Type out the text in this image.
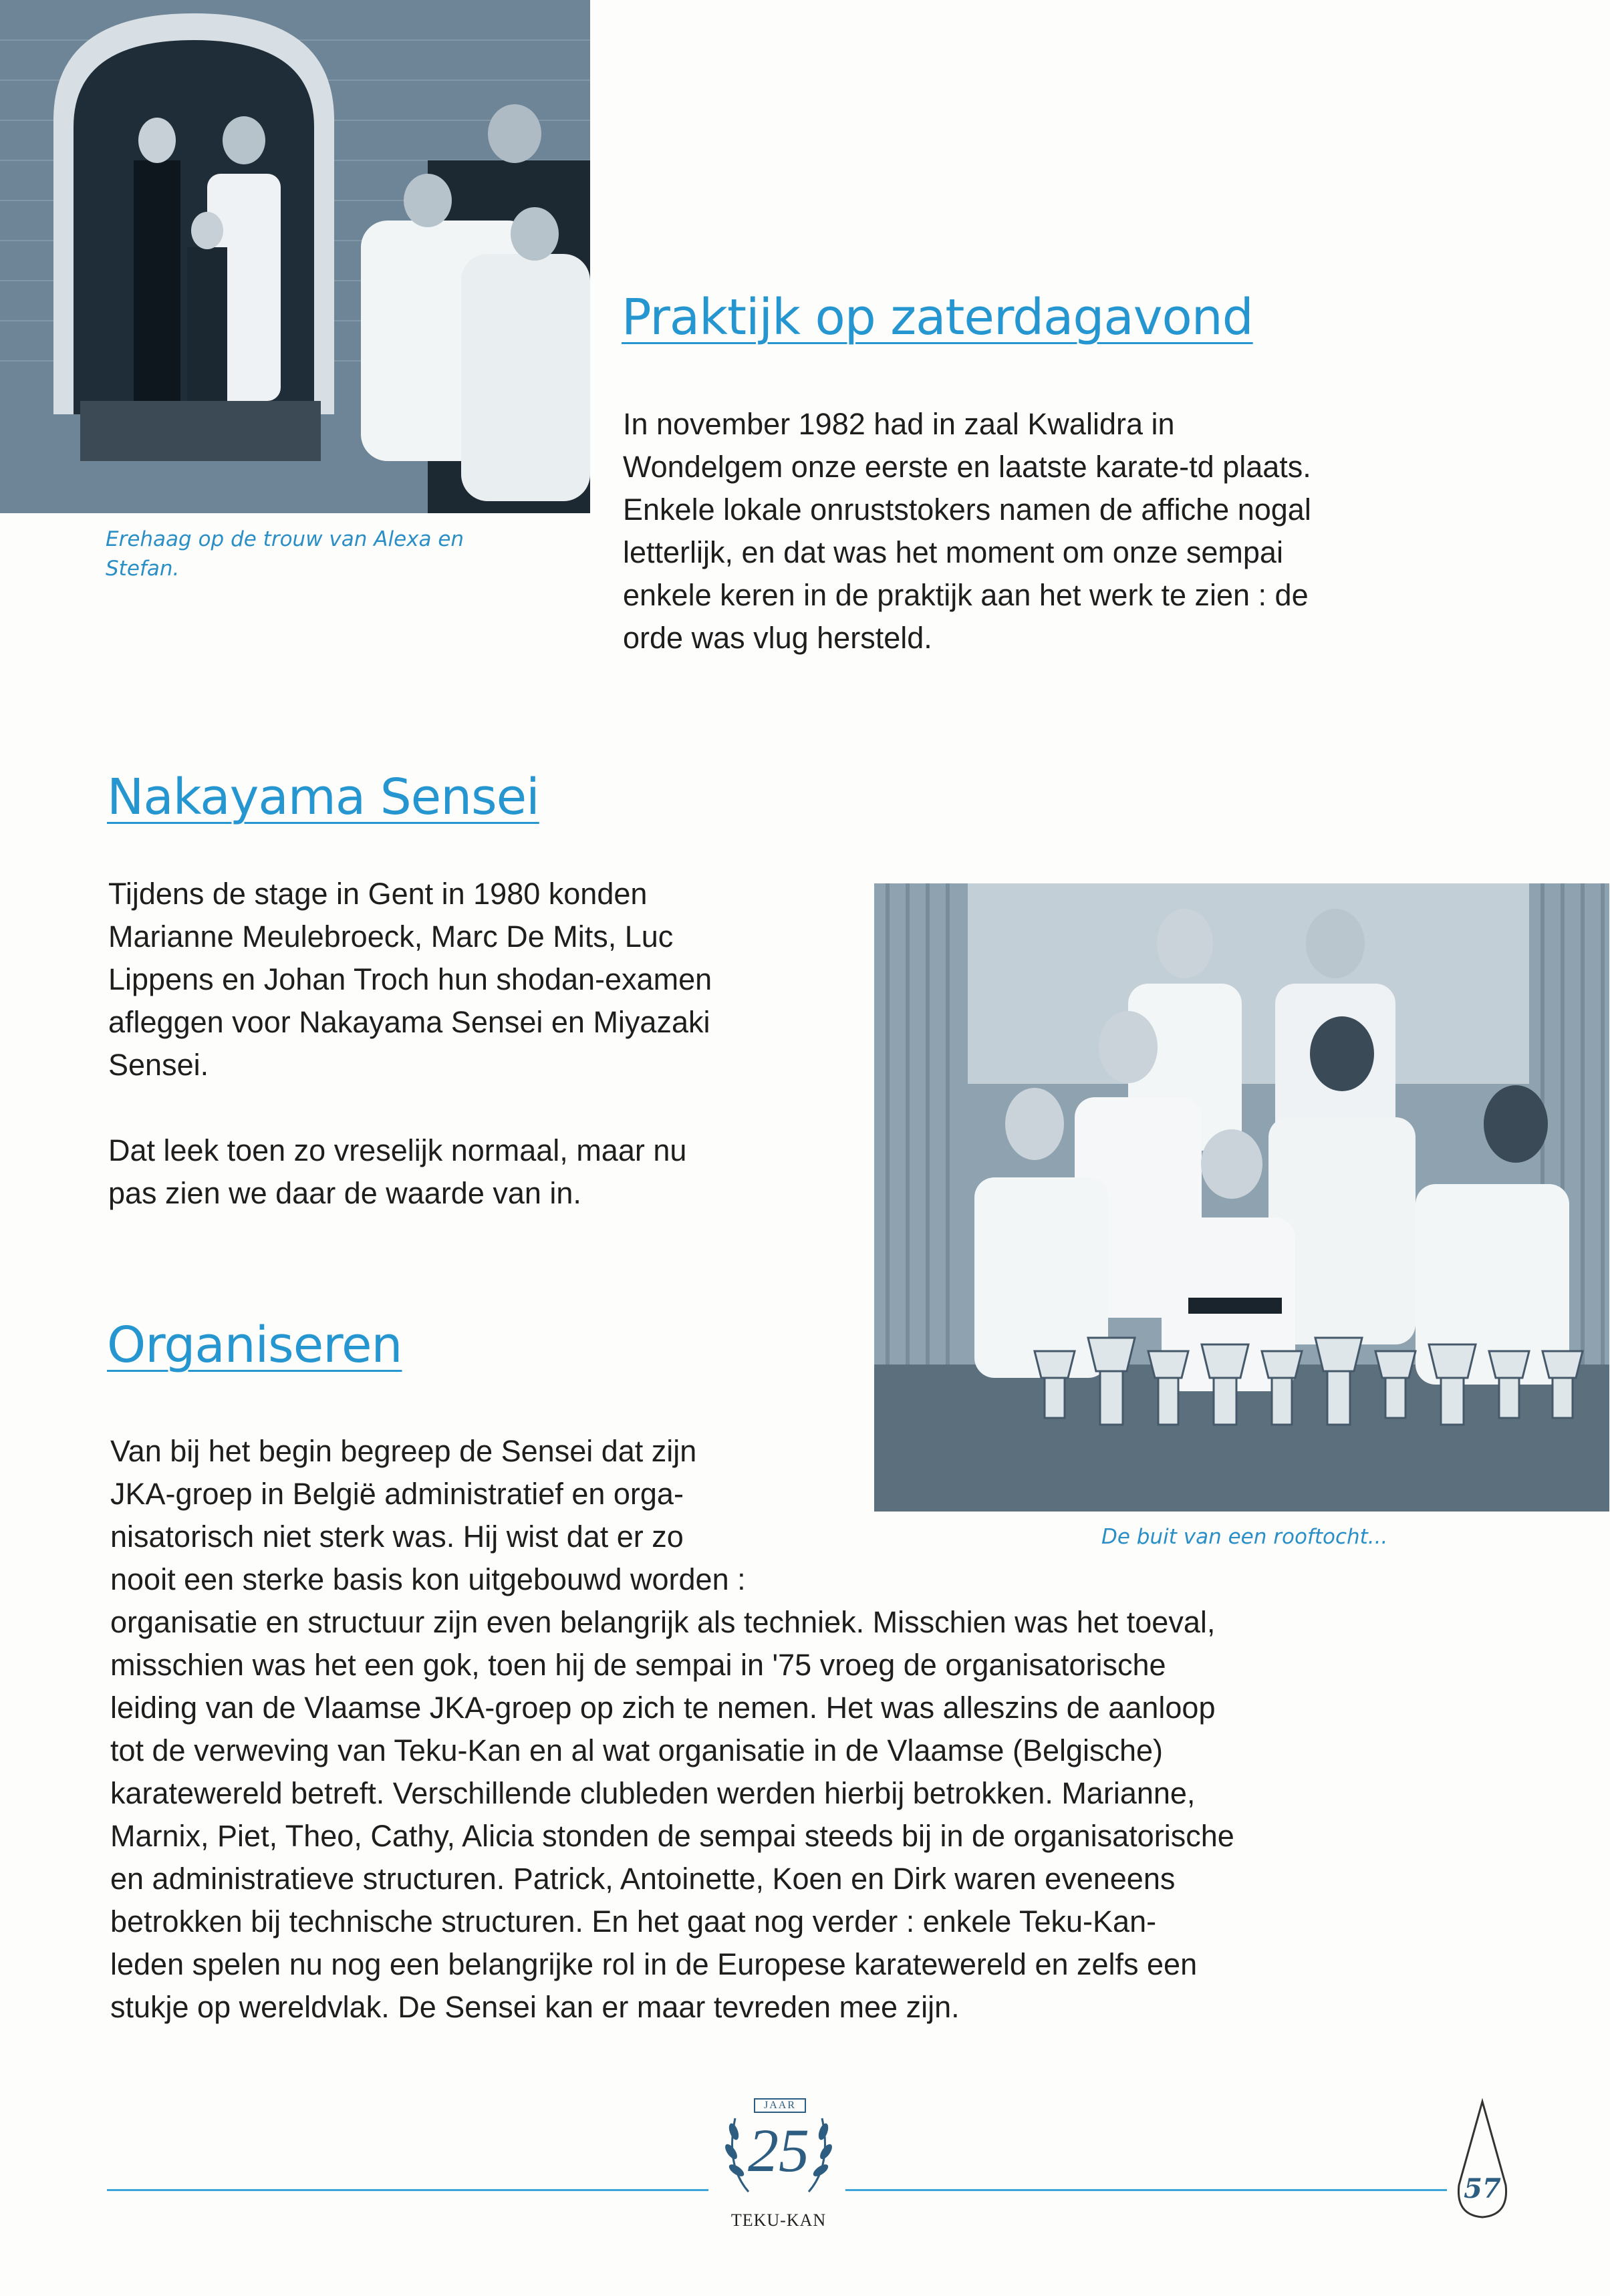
Erehaag op de trouw van Alexa en
Stefan.
Praktijk op zaterdagavond
In november 1982 had in zaal Kwalidra in
Wondelgem onze eerste en laatste karate-td plaats.
Enkele lokale onruststokers namen de affiche nogal
letterlijk, en dat was het moment om onze sempai
enkele keren in de praktijk aan het werk te zien : de
orde was vlug hersteld.
Nakayama Sensei
Tijdens de stage in Gent in 1980 konden
Marianne Meulebroeck, Marc De Mits, Luc
Lippens en Johan Troch hun shodan-examen
afleggen voor Nakayama Sensei en Miyazaki
Sensei.
Dat leek toen zo vreselijk normaal, maar nu
pas zien we daar de waarde van in.
De buit van een rooftocht...
Organiseren
Van bij het begin begreep de Sensei dat zijn
JKA-groep in België administratief en orga-
nisatorisch niet sterk was. Hij wist dat er zo
nooit een sterke basis kon uitgebouwd worden :
organisatie en structuur zijn even belangrijk als techniek. Misschien was het toeval,
misschien was het een gok, toen hij de sempai in '75 vroeg de organisatorische
leiding van de Vlaamse JKA-groep op zich te nemen. Het was alleszins de aanloop
tot de verweving van Teku-Kan en al wat organisatie in de Vlaamse (Belgische)
karatewereld betreft. Verschillende clubleden werden hierbij betrokken. Marianne,
Marnix, Piet, Theo, Cathy, Alicia stonden de sempai steeds bij in de organisatorische
en administratieve structuren. Patrick, Antoinette, Koen en Dirk waren eveneens
betrokken bij technische structuren. En het gaat nog verder : enkele Teku-Kan-
leden spelen nu nog een belangrijke rol in de Europese karatewereld en zelfs een
stukje op wereldvlak. De Sensei kan er maar tevreden mee zijn.
JAAR
25
TEKU-KAN
57
